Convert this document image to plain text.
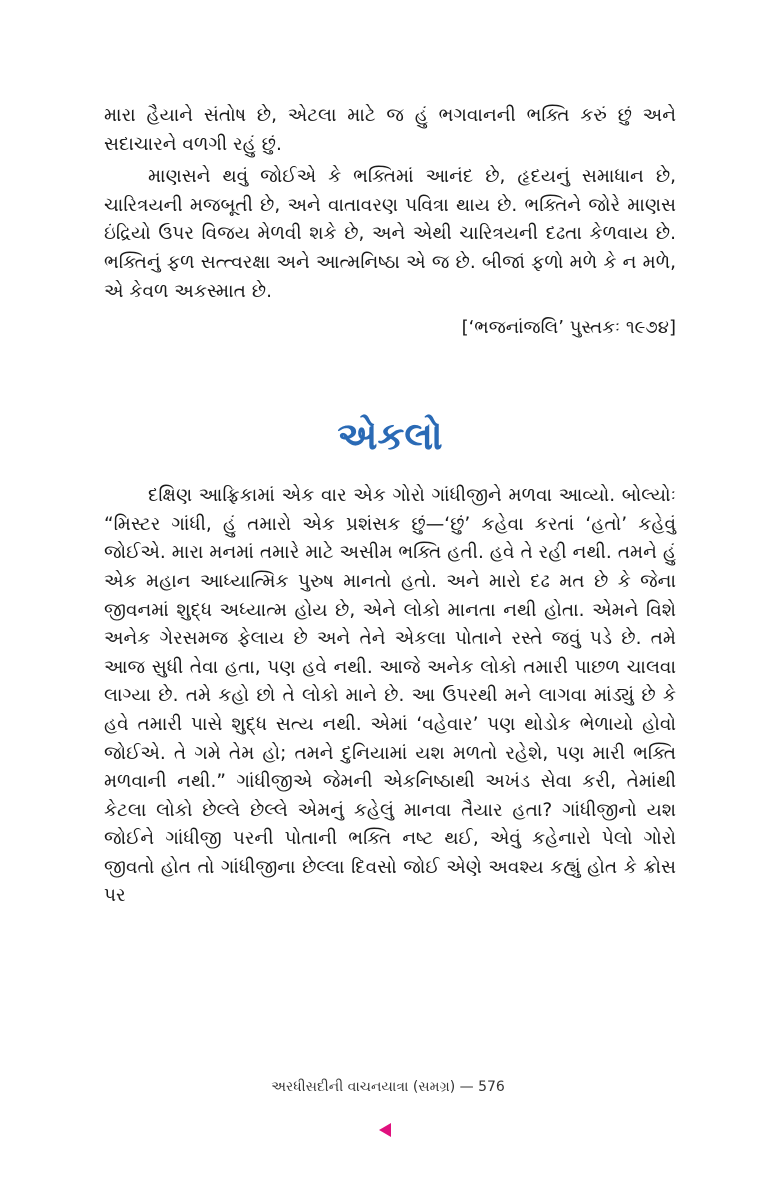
મારા હૈયાને સંતોષ છે, એટલા માટે જ હું ભગવાનની ભક્તિ કરું છું અને સદાચારને વળગી રહું છું.

માણસને થવું જોઈએ કે ભક્તિમાં આનંદ છે, હૃદયનું સમાધાન છે, ચારિત્રયની મજબૂતી છે, અને વાતાવરણ પવિત્રા થાય છે. ભક્તિને જોરે માણસ ઇંદ્રિયો ઉપર વિજય મેળવી શકે છે, અને એથી ચારિત્રયની દઢતા કેળવાય છે. ભક્તિનું ફળ સત્ત્વરક્ષા અને આત્મનિષ્ઠા એ જ છે. બીજાં ફળો મળે કે ન મળે, એ કેવળ અકસ્માત છે.

[‘ભજનાંજલિ’ પુસ્તકઃ ૧૯૭૪]

એકલો

દક્ષિણ આફ્રિકામાં એક વાર એક ગોરો ગાંધીજીને મળવા આવ્યો. બોલ્યોઃ “મિસ્ટર ગાંધી, હું તમારો એક પ્રશંસક છું—‘છું’ કહેવા કરતાં ‘હતો’ કહેવું જોઈએ. મારા મનમાં તમારે માટે અસીમ ભક્તિ હતી. હવે તે રહી નથી. તમને હું એક મહાન આધ્યાત્મિક પુરુષ માનતો હતો. અને મારો દઢ મત છે કે જેના જીવનમાં શુદ્ધ અધ્યાત્મ હોય છે, એને લોકો માનતા નથી હોતા. એમને વિશે અનેક ગેરસમજ ફેલાય છે અને તેને એકલા પોતાને રસ્તે જવું પડે છે. તમે આજ સુધી તેવા હતા, પણ હવે નથી. આજે અનેક લોકો તમારી પાછળ ચાલવા લાગ્યા છે. તમે કહો છો તે લોકો માને છે. આ ઉપરથી મને લાગવા માંડ્યું છે કે હવે તમારી પાસે શુદ્ધ સત્ય નથી. એમાં ‘વહેવાર’ પણ થોડોક ભેળાયો હોવો જોઈએ. તે ગમે તેમ હો; તમને દુનિયામાં યશ મળતો રહેશે, પણ મારી ભક્તિ મળવાની નથી.” ગાંધીજીએ જેમની એકનિષ્ઠાથી અખંડ સેવા કરી, તેમાંથી કેટલા લોકો છેલ્લે છેલ્લે એમનું કહેલું માનવા તૈયાર હતા? ગાંધીજીનો યશ જોઈને ગાંધીજી પરની પોતાની ભક્તિ નષ્ટ થઈ, એવું કહેનારો પેલો ગોરો જીવતો હોત તો ગાંધીજીના છેલ્લા દિવસો જોઈ એણે અવશ્ય કહ્યું હોત કે ક્રોસ પર

અરધીસદીની વાચનયાત્રા (સમગ્ર) — 576
